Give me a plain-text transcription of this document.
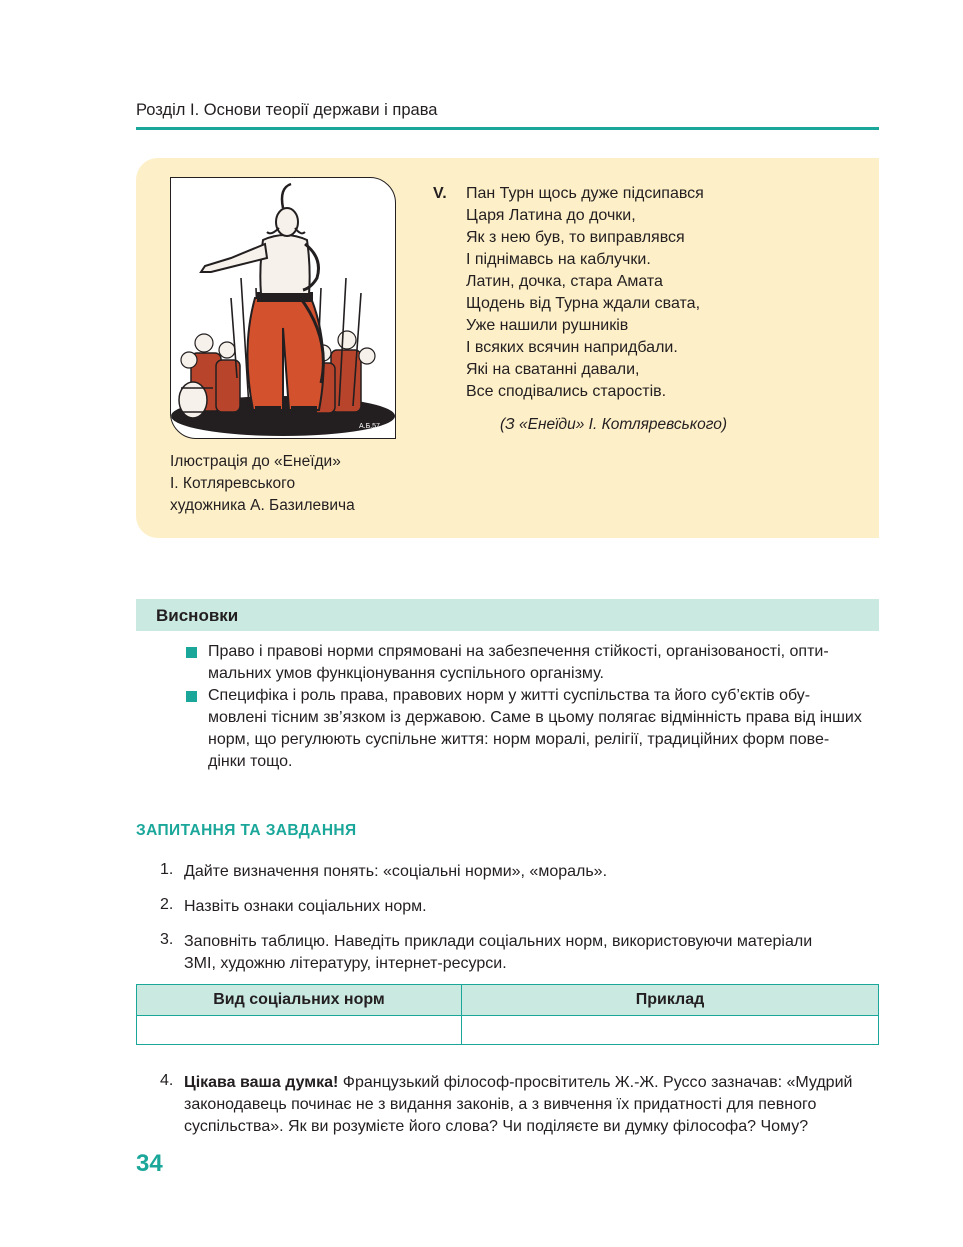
Розділ І. Основи теорії держави і права
А.Б.57
Ілюстрація до «Енеїди»
І. Котляревського
художника А. Базилевича
V. Пан Турн щось дуже підсипався
Царя Латина до дочки,
Як з нею був, то виправлявся
І піднімавсь на каблучки.
Латин, дочка, стара Амата
Щодень від Турна ждали свата,
Уже нашили рушників
І всяких всячин напридбали.
Які на сватанні давали,
Все сподівались старостів.
(З «Енеїди» І. Котляревського)
Висновки
Право і правові норми спрямовані на забезпечення стійкості, організованості, опти-
мальних умов функціонування суспільного організму.
Специфіка і роль права, правових норм у житті суспільства та його суб’єктів обу-
мовлені тісним зв’язком із державою. Саме в цьому полягає відмінність права від інших
норм, що регулюють суспільне життя: норм моралі, релігії, традиційних форм пове-
дінки тощо.
ЗАПИТАННЯ ТА ЗАВДАННЯ
1. Дайте визначення понять: «соціальні норми», «мораль».
2. Назвіть ознаки соціальних норм.
3. Заповніть таблицю. Наведіть приклади соціальних норм, використовуючи матеріали
ЗМІ, художню літературу, інтернет-ресурси.
Вид соціальних норм	Приклад

4. Цікава ваша думка! Французький філософ-просвітитель Ж.-Ж. Руссо зазначав: «Мудрий
законодавець починає не з видання законів, а з вивчення їх придатності для певного
суспільства». Як ви розумієте його слова? Чи поділяєте ви думку філософа? Чому?
34
